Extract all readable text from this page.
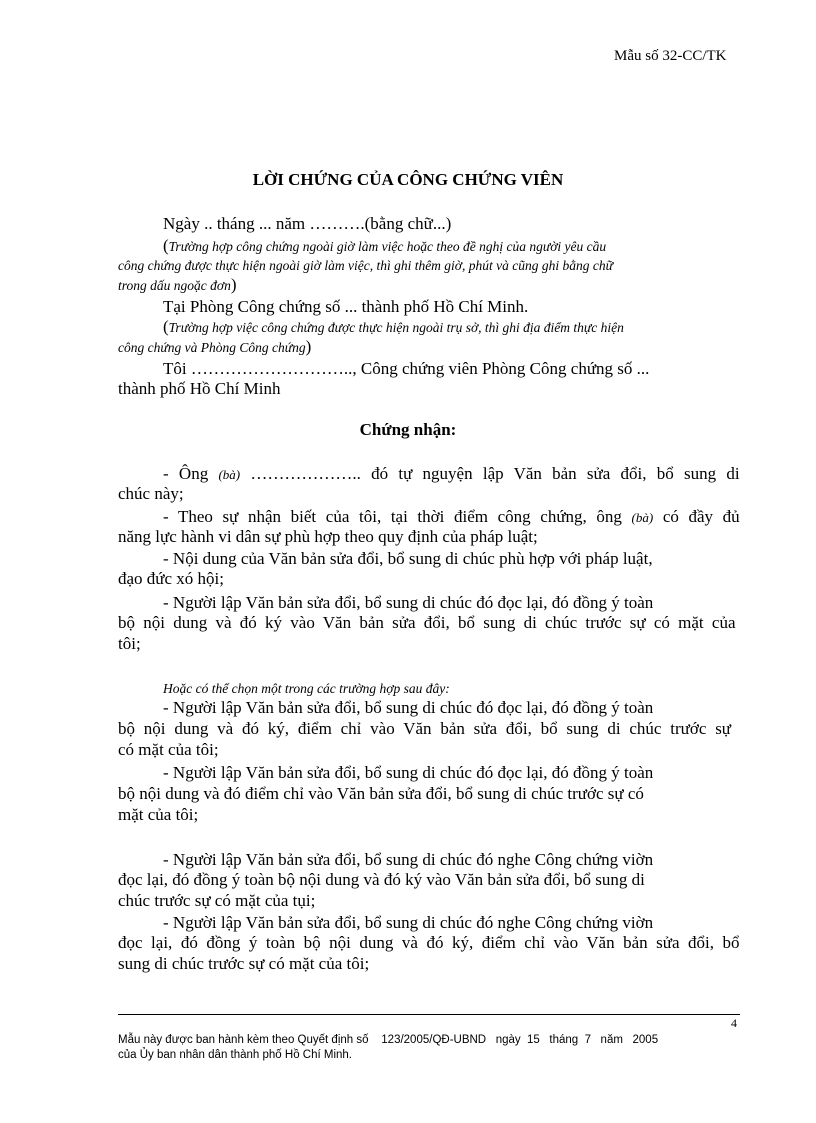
Mẫu số 32-CC/TK
LỜI CHỨNG CỦA CÔNG CHỨNG VIÊN
Ngày .. tháng ... năm ……….(bằng chữ...)
(Trường hợp công chứng ngoài giờ làm việc hoặc theo đề nghị của người yêu cầu
công chứng được thực hiện ngoài giờ làm việc, thì ghi thêm giờ, phút và cũng ghi bằng chữ
trong dấu ngoặc đơn)
Tại Phòng Công chứng số ... thành phố Hồ Chí Minh.
(Trường hợp việc công chứng được thực hiện ngoài trụ sở, thì ghi địa điểm thực hiện
công chứng và Phòng Công chứng)
Tôi ……………………….., Công chứng viên Phòng Công chứng số ...
thành phố Hồ Chí Minh
Chứng nhận:
- Ông (bà) ……………….. đó tự nguyện lập Văn bản sửa đổi, bổ sung di
chúc này;
- Theo sự nhận biết của tôi, tại thời điểm công chứng, ông (bà) có đầy đủ
năng lực hành vi dân sự phù hợp theo quy định của pháp luật;
- Nội dung của Văn bản sửa đổi, bổ sung di chúc phù hợp với pháp luật,
đạo đức xó hội;
- Người lập Văn bản sửa đổi, bổ sung di chúc đó đọc lại, đó đồng ý toàn
bộ nội dung và đó ký vào Văn bản sửa đổi, bổ sung di chúc trước sự có mặt của
tôi;
Hoặc có thể chọn một trong các trường hợp sau đây:
- Người lập Văn bản sửa đổi, bổ sung di chúc đó đọc lại, đó đồng ý toàn
bộ nội dung và đó ký, điểm chỉ vào Văn bản sửa đổi, bổ sung di chúc trước sự
có mặt của tôi;
- Người lập Văn bản sửa đổi, bổ sung di chúc đó đọc lại, đó đồng ý toàn
bộ nội dung và đó điểm chỉ vào Văn bản sửa đổi, bổ sung di chúc trước sự có
mặt của tôi;
- Người lập Văn bản sửa đổi, bổ sung di chúc đó nghe Công chứng viờn
đọc lại, đó đồng ý toàn bộ nội dung và đó ký vào Văn bản sửa đổi, bổ sung di
chúc trước sự có mặt của tụi;
- Người lập Văn bản sửa đổi, bổ sung di chúc đó nghe Công chứng viờn
đọc lại, đó đồng ý toàn bộ nội dung và đó ký, điểm chỉ vào Văn bản sửa đổi, bổ
sung di chúc trước sự có mặt của tôi;
4
Mẫu này được ban hành kèm theo Quyết định số    123/2005/QĐ-UBND   ngày  15   tháng  7   năm   2005
của Ủy ban nhân dân thành phố Hồ Chí Minh.
